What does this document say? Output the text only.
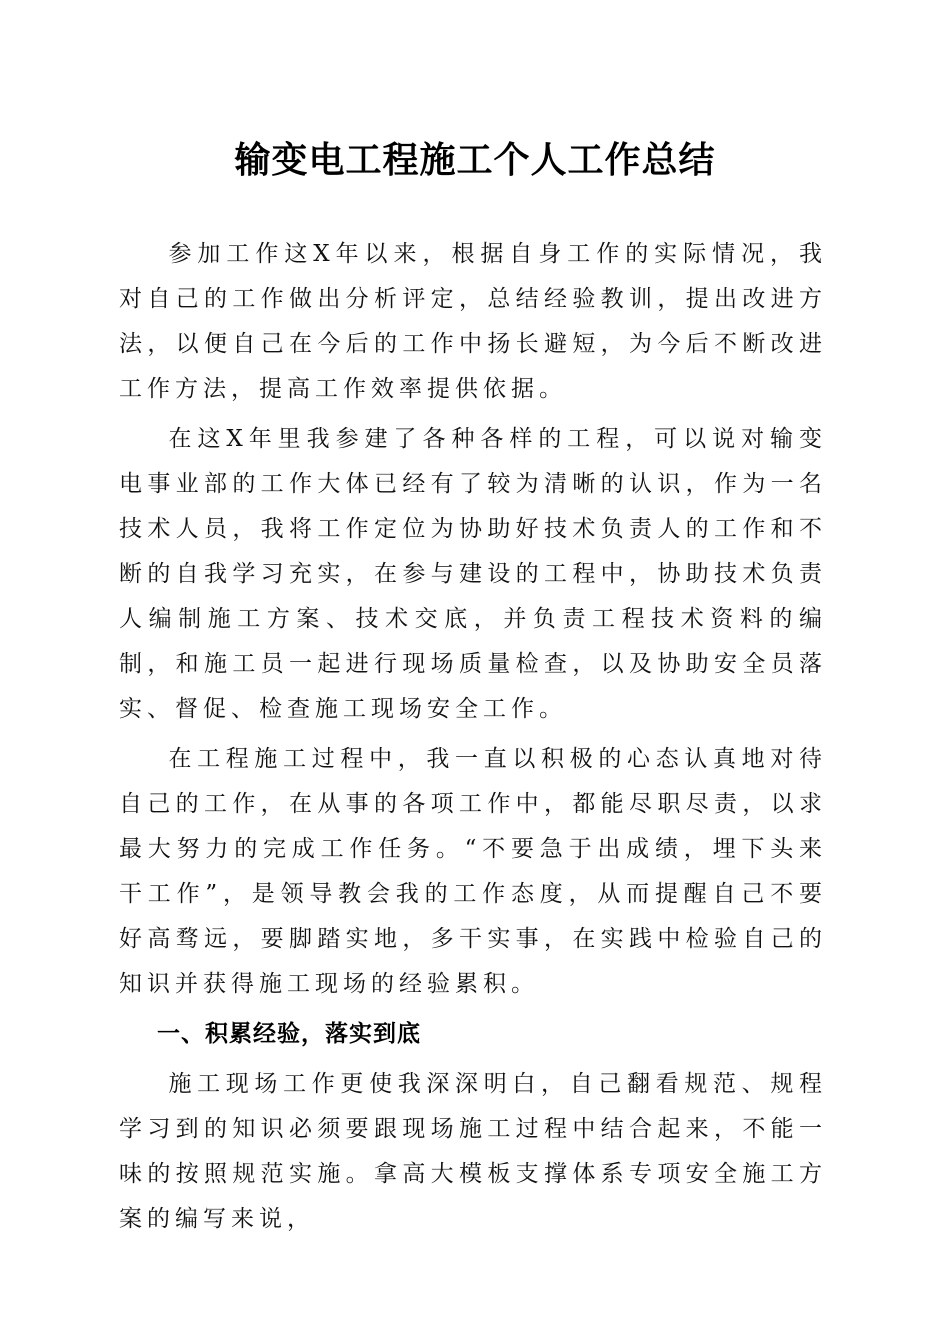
输变电工程施工个人工作总结

参加工作这X年以来，根据自身工作的实际情况，我对自己的工作做出分析评定，总结经验教训，提出改进方法，以便自己在今后的工作中扬长避短，为今后不断改进工作方法，提高工作效率提供依据。

在这X年里我参建了各种各样的工程，可以说对输变电事业部的工作大体已经有了较为清晰的认识，作为一名技术人员，我将工作定位为协助好技术负责人的工作和不断的自我学习充实，在参与建设的工程中，协助技术负责人编制施工方案、技术交底，并负责工程技术资料的编制，和施工员一起进行现场质量检查，以及协助安全员落实、督促、检查施工现场安全工作。

在工程施工过程中，我一直以积极的心态认真地对待自己的工作，在从事的各项工作中，都能尽职尽责，以求最大努力的完成工作任务。“不要急于出成绩，埋下头来干工作”，是领导教会我的工作态度，从而提醒自己不要好高骛远，要脚踏实地，多干实事，在实践中检验自己的知识并获得施工现场的经验累积。

一、积累经验，落实到底

施工现场工作更使我深深明白，自己翻看规范、规程学习到的知识必须要跟现场施工过程中结合起来，不能一味的按照规范实施。拿高大模板支撑体系专项安全施工方案的编写来说，
